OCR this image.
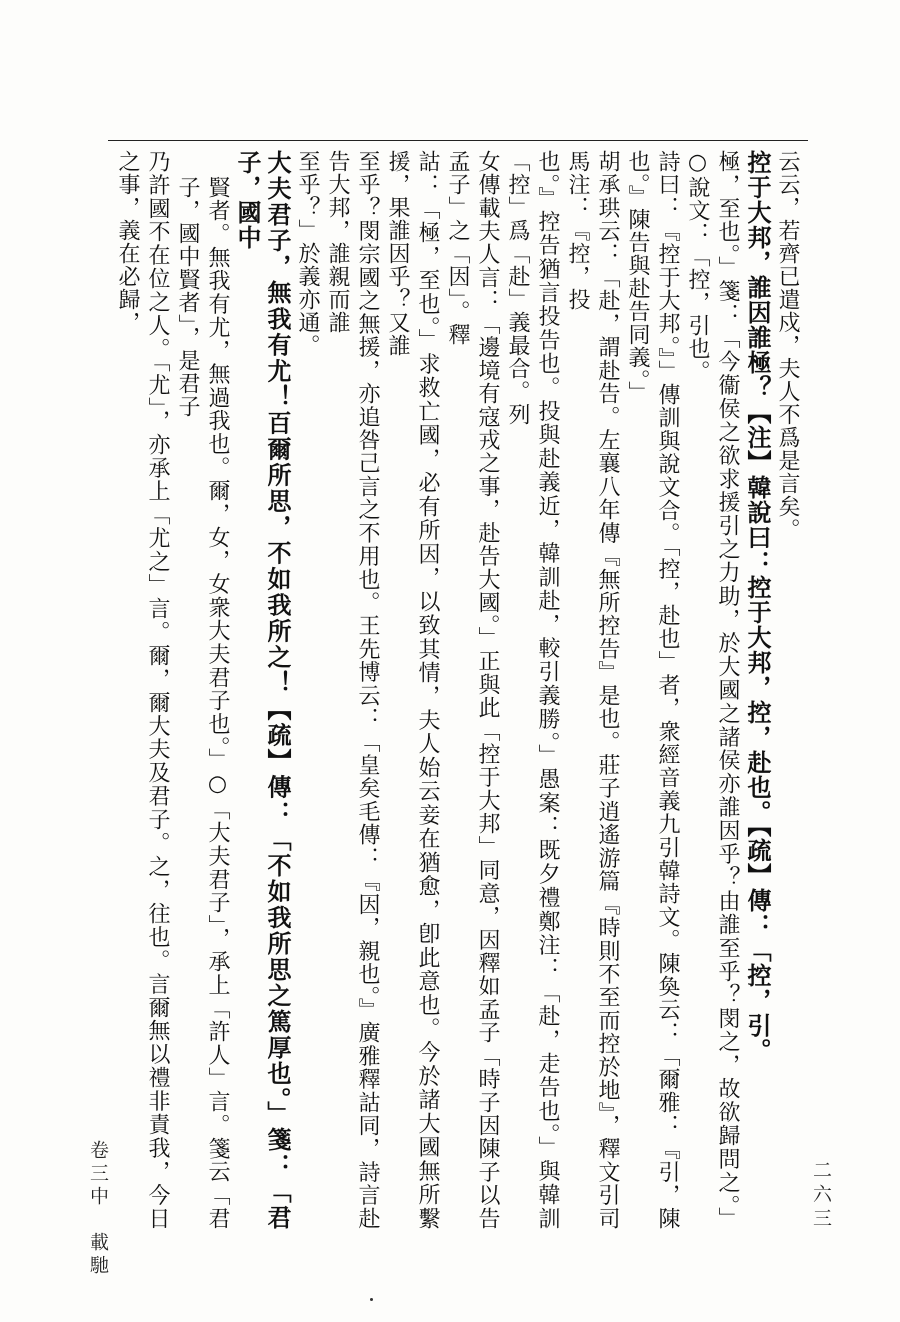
云云，若齊已遣戍，夫人不爲是言矣。

控于大邦，誰因誰極？【注】韓說曰：控于大邦，控，赴也。【疏】傳：「控，引。

極，至也。」箋：「今衞侯之欲求援引之力助，於大國之諸侯亦誰因乎？由誰至乎？閔之，故欲歸問之。」○說文：「控，引也。

詩曰：『控于大邦。』」傳訓與說文合。「控，赴也」者，衆經音義九引韓詩文。陳奐云：「爾雅：『引，陳也。』陳告與赴告同義。」

胡承珙云：「赴，謂赴告。左襄八年傳『無所控告』是也。莊子逍遙游篇『時則不至而控於地』，釋文引司馬注：『控，投

也。』控告猶言投告也。投與赴義近，韓訓赴，較引義勝。」愚案：既夕禮鄭注：「赴，走告也。」與韓訓「控」爲「赴」義最合。列

女傳載夫人言：「邊境有寇戎之事，赴告大國。」正與此「控于大邦」同意，因釋如孟子「時子因陳子以告孟子」之「因」。釋

詁：「極，至也。」求救亡國，必有所因，以致其情，夫人始云妾在猶愈，卽此意也。今於諸大國無所繫援，果誰因乎？又誰

至乎？閔宗國之無援，亦追咎己言之不用也。王先博云：「皇矣毛傳：『因，親也。』廣雅釋詁同，詩言赴告大邦，誰親而誰

至乎？」於義亦通。

大夫君子，無我有尤！百爾所思，不如我所之！【疏】傳：「不如我所思之篤厚也。」箋：「君子，國中

賢者。無我有尤，無過我也。爾，女，女衆大夫君子也。」○「大夫君子」，承上「許人」言。箋云「君子，國中賢者」，是君子

乃許國不在位之人。「尤」，亦承上「尤之」言。爾，爾大夫及君子。之，往也。言爾無以禮非責我，今日之事，義在必歸，

二六三
卷三中　載馳
